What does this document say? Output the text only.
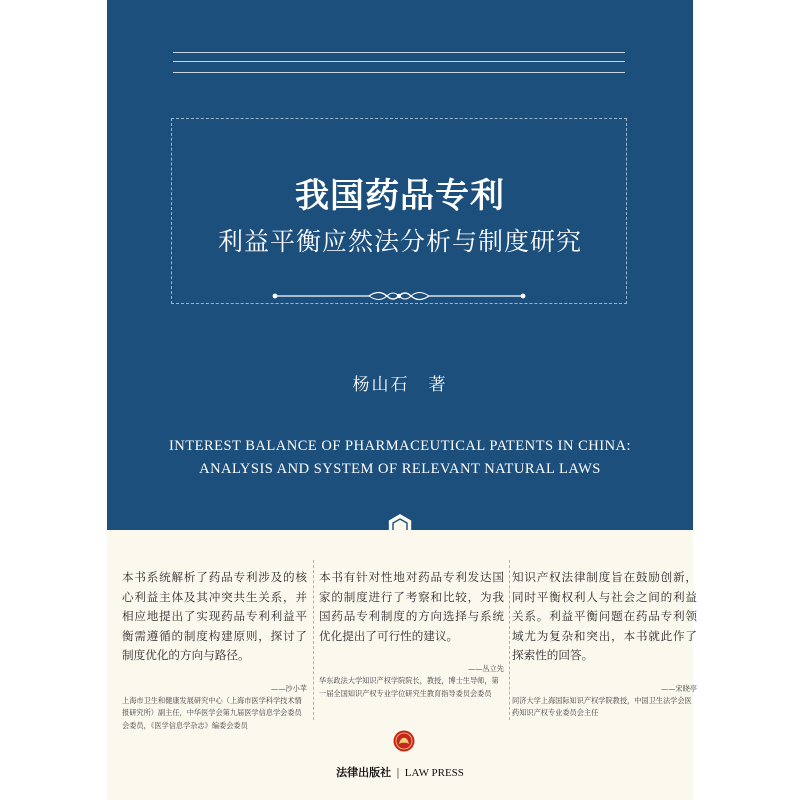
我国药品专利
利益平衡应然法分析与制度研究
杨山石　著
INTEREST BALANCE OF PHARMACEUTICAL PATENTS IN CHINA:
ANALYSIS AND SYSTEM OF RELEVANT NATURAL LAWS
本书系统解析了药品专利涉及的核心利益主体及其冲突共生关系，并相应地提出了实现药品专利利益平衡需遵循的制度构建原则，探讨了制度优化的方向与路径。
——沙小苹
上海市卫生和健康发展研究中心（上海市医学科学技术情报研究所）副主任，中华医学会第九届医学信息学会委员会委员，《医学信息学杂志》编委会委员
本书有针对性地对药品专利发达国家的制度进行了考察和比较，为我国药品专利制度的方向选择与系统优化提出了可行性的建议。
——丛立先
华东政法大学知识产权学院院长，教授，博士生导师，第一届全国知识产权专业学位研究生教育指导委员会委员
知识产权法律制度旨在鼓励创新，同时平衡权利人与社会之间的利益关系。利益平衡问题在药品专利领域尤为复杂和突出，本书就此作了探索性的回答。
——宋晓亭
同济大学上海国际知识产权学院教授，中国卫生法学会医药知识产权专业委员会主任
法律出版社 | LAW PRESS
